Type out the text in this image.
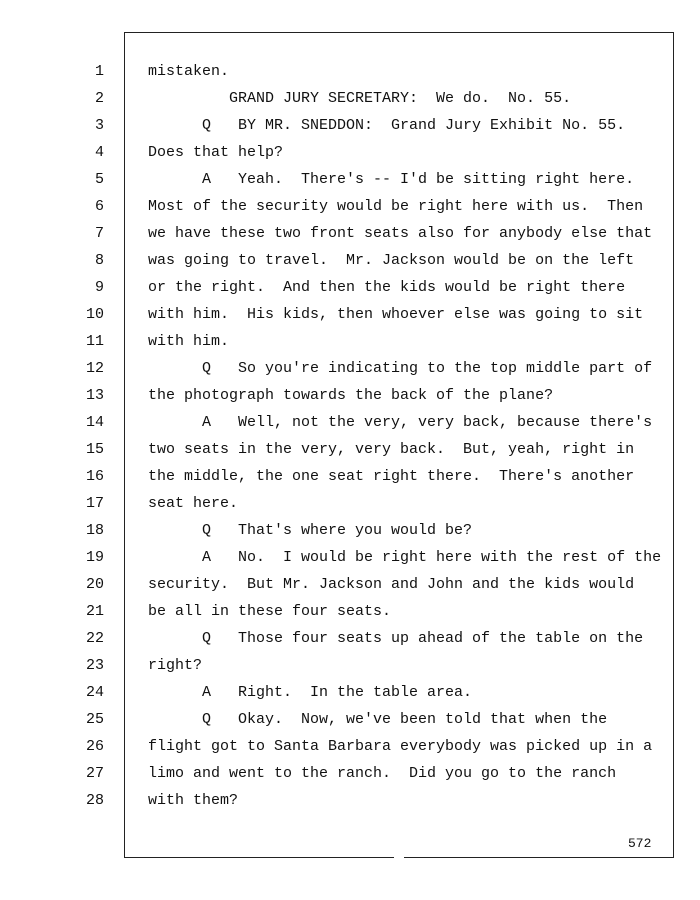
1
2
3
4
5
6
7
8
9
10
11
12
13
14
15
16
17
18
19
20
21
22
23
24
25
26
27
28
mistaken.
GRAND JURY SECRETARY:  We do.  No. 55.
Q   BY MR. SNEDDON:  Grand Jury Exhibit No. 55.
Does that help?
A   Yeah.  There's -- I'd be sitting right here.
Most of the security would be right here with us.  Then
we have these two front seats also for anybody else that
was going to travel.  Mr. Jackson would be on the left
or the right.  And then the kids would be right there
with him.  His kids, then whoever else was going to sit
with him.
Q   So you're indicating to the top middle part of
the photograph towards the back of the plane?
A   Well, not the very, very back, because there's
two seats in the very, very back.  But, yeah, right in
the middle, the one seat right there.  There's another
seat here.
Q   That's where you would be?
A   No.  I would be right here with the rest of the
security.  But Mr. Jackson and John and the kids would
be all in these four seats.
Q   Those four seats up ahead of the table on the
right?
A   Right.  In the table area.
Q   Okay.  Now, we've been told that when the
flight got to Santa Barbara everybody was picked up in a
limo and went to the ranch.  Did you go to the ranch
with them?
572
